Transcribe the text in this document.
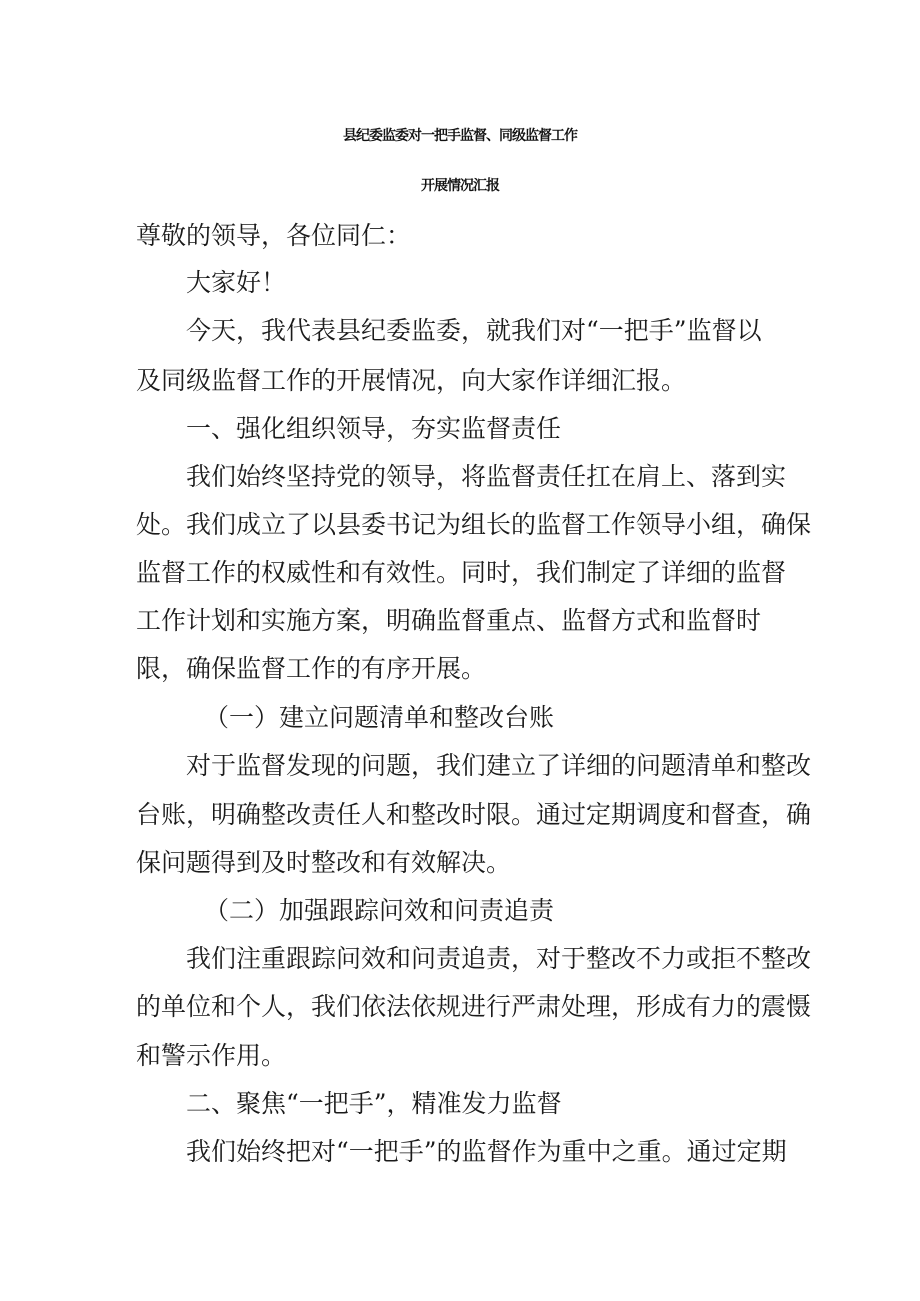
县纪委监委对一把手监督、同级监督工作
开展情况汇报

尊敬的领导，各位同仁：

大家好！

今天，我代表县纪委监委，就我们对“一把手”监督以

及同级监督工作的开展情况，向大家作详细汇报。

一、强化组织领导，夯实监督责任

我们始终坚持党的领导，将监督责任扛在肩上、落到实

处。我们成立了以县委书记为组长的监督工作领导小组，确保

监督工作的权威性和有效性。同时，我们制定了详细的监督

工作计划和实施方案，明确监督重点、监督方式和监督时

限，确保监督工作的有序开展。

（一）建立问题清单和整改台账

对于监督发现的问题，我们建立了详细的问题清单和整改

台账，明确整改责任人和整改时限。通过定期调度和督查，确

保问题得到及时整改和有效解决。

（二）加强跟踪问效和问责追责

我们注重跟踪问效和问责追责，对于整改不力或拒不整改

的单位和个人，我们依法依规进行严肃处理，形成有力的震慑

和警示作用。

二、聚焦“一把手”，精准发力监督

我们始终把对“一把手”的监督作为重中之重。通过定期
